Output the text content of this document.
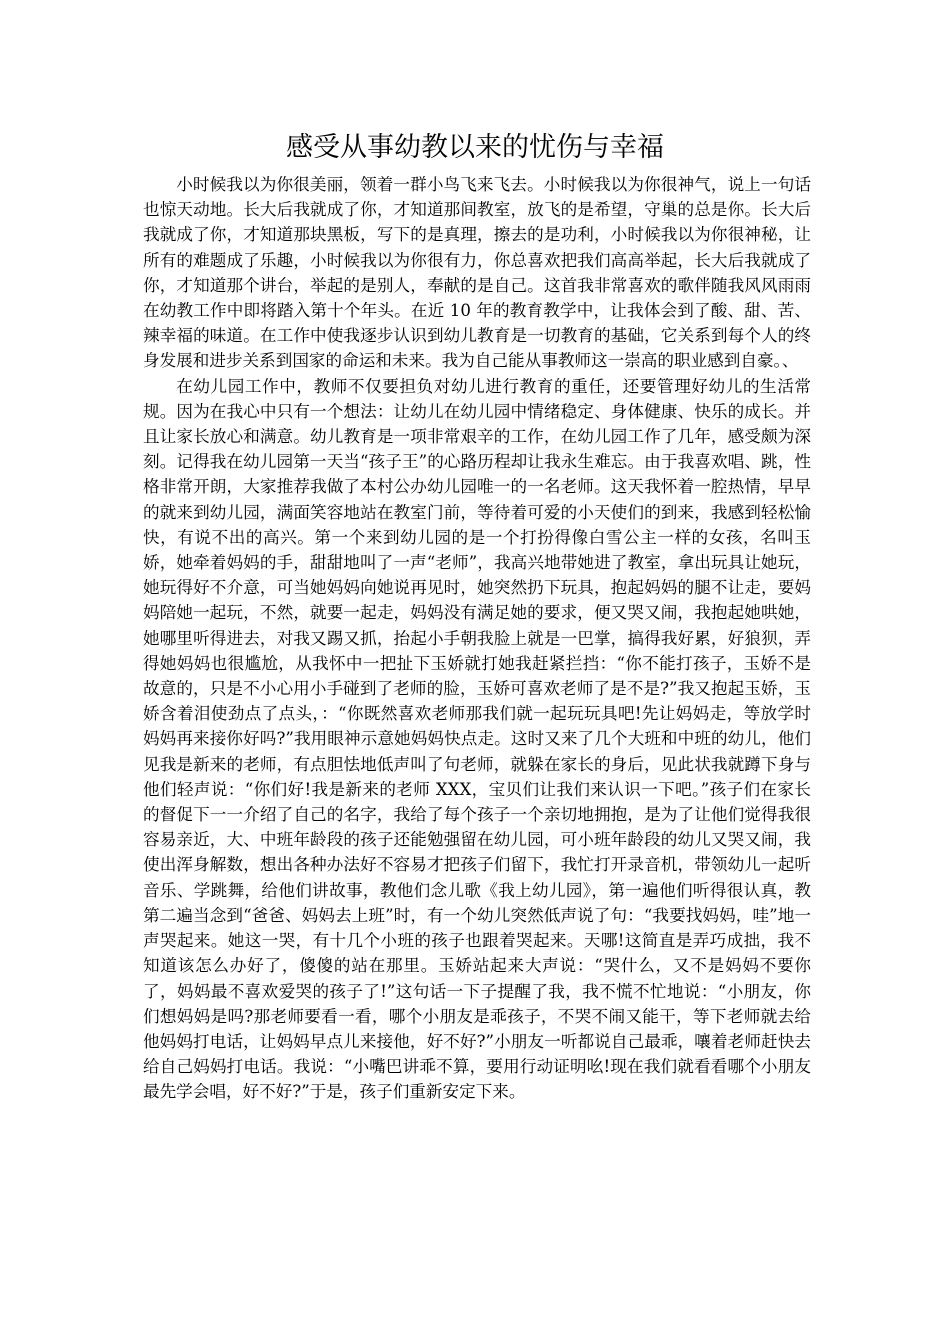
感受从事幼教以来的忧伤与幸福

小时候我以为你很美丽，领着一群小鸟飞来飞去。小时候我以为你很神气，说上一句话也惊天动地。长大后我就成了你，才知道那间教室，放飞的是希望，守巢的总是你。长大后我就成了你，才知道那块黑板，写下的是真理，擦去的是功利，小时候我以为你很神秘，让所有的难题成了乐趣，小时候我以为你很有力，你总喜欢把我们高高举起，长大后我就成了你，才知道那个讲台，举起的是别人，奉献的是自己。这首我非常喜欢的歌伴随我风风雨雨在幼教工作中即将踏入第十个年头。在近 10 年的教育教学中，让我体会到了酸、甜、苦、辣幸福的味道。在工作中使我逐步认识到幼儿教育是一切教育的基础，它关系到每个人的终身发展和进步关系到国家的命运和未来。我为自己能从事教师这一崇高的职业感到自豪。、

在幼儿园工作中，教师不仅要担负对幼儿进行教育的重任，还要管理好幼儿的生活常规。因为在我心中只有一个想法：让幼儿在幼儿园中情绪稳定、身体健康、快乐的成长。并且让家长放心和满意。幼儿教育是一项非常艰辛的工作，在幼儿园工作了几年，感受颇为深刻。记得我在幼儿园第一天当“孩子王”的心路历程却让我永生难忘。由于我喜欢唱、跳，性格非常开朗，大家推荐我做了本村公办幼儿园唯一的一名老师。这天我怀着一腔热情，早早的就来到幼儿园，满面笑容地站在教室门前，等待着可爱的小天使们的到来，我感到轻松愉快，有说不出的高兴。第一个来到幼儿园的是一个打扮得像白雪公主一样的女孩，名叫玉娇，她牵着妈妈的手，甜甜地叫了一声“老师”，我高兴地带她进了教室，拿出玩具让她玩，她玩得好不介意，可当她妈妈向她说再见时，她突然扔下玩具，抱起妈妈的腿不让走，要妈妈陪她一起玩，不然，就要一起走，妈妈没有满足她的要求，便又哭又闹，我抱起她哄她，她哪里听得进去，对我又踢又抓，抬起小手朝我脸上就是一巴掌，搞得我好累，好狼狈，弄得她妈妈也很尴尬，从我怀中一把扯下玉娇就打她我赶紧拦挡：“你不能打孩子，玉娇不是故意的，只是不小心用小手碰到了老师的脸，玉娇可喜欢老师了是不是?”我又抱起玉娇，玉娇含着泪使劲点了点头，：“你既然喜欢老师那我们就一起玩玩具吧!先让妈妈走，等放学时妈妈再来接你好吗?”我用眼神示意她妈妈快点走。这时又来了几个大班和中班的幼儿，他们见我是新来的老师，有点胆怯地低声叫了句老师，就躲在家长的身后，见此状我就蹲下身与他们轻声说：“你们好!我是新来的老师 XXX，宝贝们让我们来认识一下吧。”孩子们在家长的督促下一一介绍了自己的名字，我给了每个孩子一个亲切地拥抱，是为了让他们觉得我很容易亲近，大、中班年龄段的孩子还能勉强留在幼儿园，可小班年龄段的幼儿又哭又闹，我使出浑身解数，想出各种办法好不容易才把孩子们留下，我忙打开录音机，带领幼儿一起听音乐、学跳舞，给他们讲故事，教他们念儿歌《我上幼儿园》，第一遍他们听得很认真，教第二遍当念到“爸爸、妈妈去上班”时，有一个幼儿突然低声说了句：“我要找妈妈，哇”地一声哭起来。她这一哭，有十几个小班的孩子也跟着哭起来。天哪!这简直是弄巧成拙，我不知道该怎么办好了，傻傻的站在那里。玉娇站起来大声说：“哭什么，又不是妈妈不要你了，妈妈最不喜欢爱哭的孩子了!”这句话一下子提醒了我，我不慌不忙地说：“小朋友，你们想妈妈是吗?那老师要看一看，哪个小朋友是乖孩子，不哭不闹又能干，等下老师就去给他妈妈打电话，让妈妈早点儿来接他，好不好?”小朋友一听都说自己最乖，嚷着老师赶快去给自己妈妈打电话。我说：“小嘴巴讲乖不算，要用行动证明吆!现在我们就看看哪个小朋友最先学会唱，好不好?”于是，孩子们重新安定下来。
